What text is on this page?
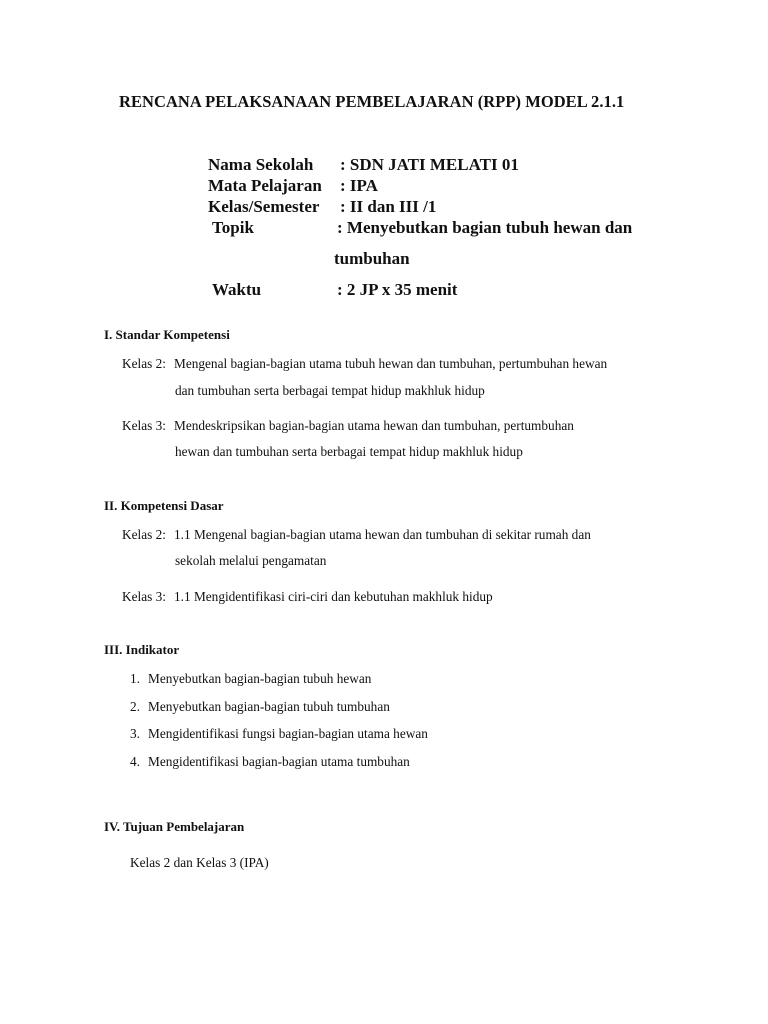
RENCANA PELAKSANAAN PEMBELAJARAN (RPP) MODEL 2.1.1
Nama Sekolah : SDN JATI MELATI 01
Mata Pelajaran : IPA
Kelas/Semester : II dan III /1
Topik	: Menyebutkan bagian tubuh hewan dan
tumbuhan
Waktu	: 2 JP x 35 menit
I. Standar Kompetensi
Kelas 2: Mengenal bagian-bagian utama tubuh hewan dan tumbuhan, pertumbuhan hewan
dan tumbuhan serta berbagai tempat hidup makhluk hidup
Kelas 3: Mendeskripsikan bagian-bagian utama hewan dan tumbuhan, pertumbuhan
hewan dan tumbuhan serta berbagai tempat hidup makhluk hidup
II. Kompetensi Dasar
Kelas 2: 1.1 Mengenal bagian-bagian utama hewan dan tumbuhan di sekitar rumah dan
sekolah melalui pengamatan
Kelas 3: 1.1 Mengidentifikasi ciri-ciri dan kebutuhan makhluk hidup
III. Indikator
1. Menyebutkan bagian-bagian tubuh hewan
2. Menyebutkan bagian-bagian tubuh tumbuhan
3. Mengidentifikasi fungsi bagian-bagian utama hewan
4. Mengidentifikasi bagian-bagian utama tumbuhan
IV. Tujuan Pembelajaran
Kelas 2 dan Kelas 3 (IPA)
